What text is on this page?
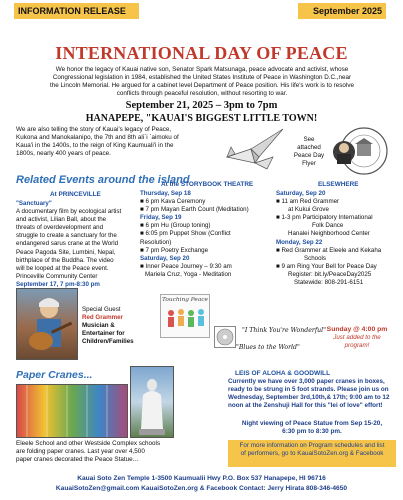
INFORMATION RELEASE	September 2025
INTERNATIONAL DAY OF PEACE
We honor the legacy of Kauai native son, Senator Spark Matsunaga, peace advocate and activist, whose
Congressional legislation in 1984, established the United States Institute of Peace in Washington D.C.,near
the Lincoln Memorial. He argued for a cabinet level Department of Peace position. His life's work is to resolve
conflicts through peaceful resolution, without resorting to war.
September 21, 2025 – 3pm to 7pm
HANAPEPE, "KAUAI'S BIGGEST LITTLE TOWN!
We are also telling the story of Kauai's legacy of Peace,
Kukona and Manokalanipo, the 7th and 8th ali`i `aimoku of
Kaua'i in the 1400s, to the reign of King Kaumuali'i in the
1800s, nearly 400 years of peace.
See
attached
Peace Day
Flyer
Related Events around the island
At PRINCEVILLE
"Sanctuary"
A documentary film by ecological artist
and activist, Lilian Ball, about the
threats of overdevelopment and
struggle to create a sanctuary for the
endangered sarus crane at the World
Peace Pagoda Site, Lumbini, Nepal,
birthplace of the Buddha. The video
will be looped at the Peace event.
Princeville Community Center
September 17, 7 pm-8:30 pm
At the STORYBOOK THEATRE
Thursday, Sep 18
■ 6 pm Kava Ceremony
■ 7 pm Mayan Earth Count (Meditation)
Friday, Sep 19
■ 6 pm Hu (Group toning)
■ 6:05 pm Puppet Show (Conflict
Resolution)
■ 7 pm Poetry Exchange
Saturday, Sep 20
■ Inner Peace Journey – 9:30 am
Mariela Cruz, Yoga - Meditation
ELSEWHERE
Saturday, Sep 20
■ 11 am Red Grammer
at Kukui Grove
■ 1-3 pm Participatory International
Folk Dance
Hanalei Neighborhood Center
Monday, Sep 22
■ Red Grammer at Eleele and Kekaha
Schools
■ 9 am Ring Your Bell for Peace Day
Register: bit.ly/PeaceDay2025
Statewide: 808-291-6151
Special Guest
Red Grammer
Musician &
Entertainer for
Children/Families
Touching Peace
"I Think You're Wonderful"
"Blues to the World"
Sunday @ 4:00 pm
Just added to the
program!
Paper Cranes...
Eleele School and other Westside Complex schools
are folding paper cranes. Last year over 4,500
paper cranes decorated the Peace Statue…
LEIS OF ALOHA & GOODWILL
Currently we have over 3,000 paper cranes in boxes,
ready to be strung in 5 foot strands. Please join us on
Wednesday, September 3rd,10th,& 17th; 9:00 am to 12
noon at the Zenshuji Hall for this "lei of love" effort!
Night viewing of Peace Statue from Sep 15-20,
6:30 pm to 8:30 pm.
For more information on Program schedules and list
of performers, go to KauaiSotoZen.org & Facebook
Kauai Soto Zen Temple 1-3500 Kaumualii Hwy P.O. Box 537 Hanapepe, HI 96716
KauaiSotoZen@gmail.com KauaiSotoZen.org & Facebook Contact: Jerry Hirata 808-346-4650
